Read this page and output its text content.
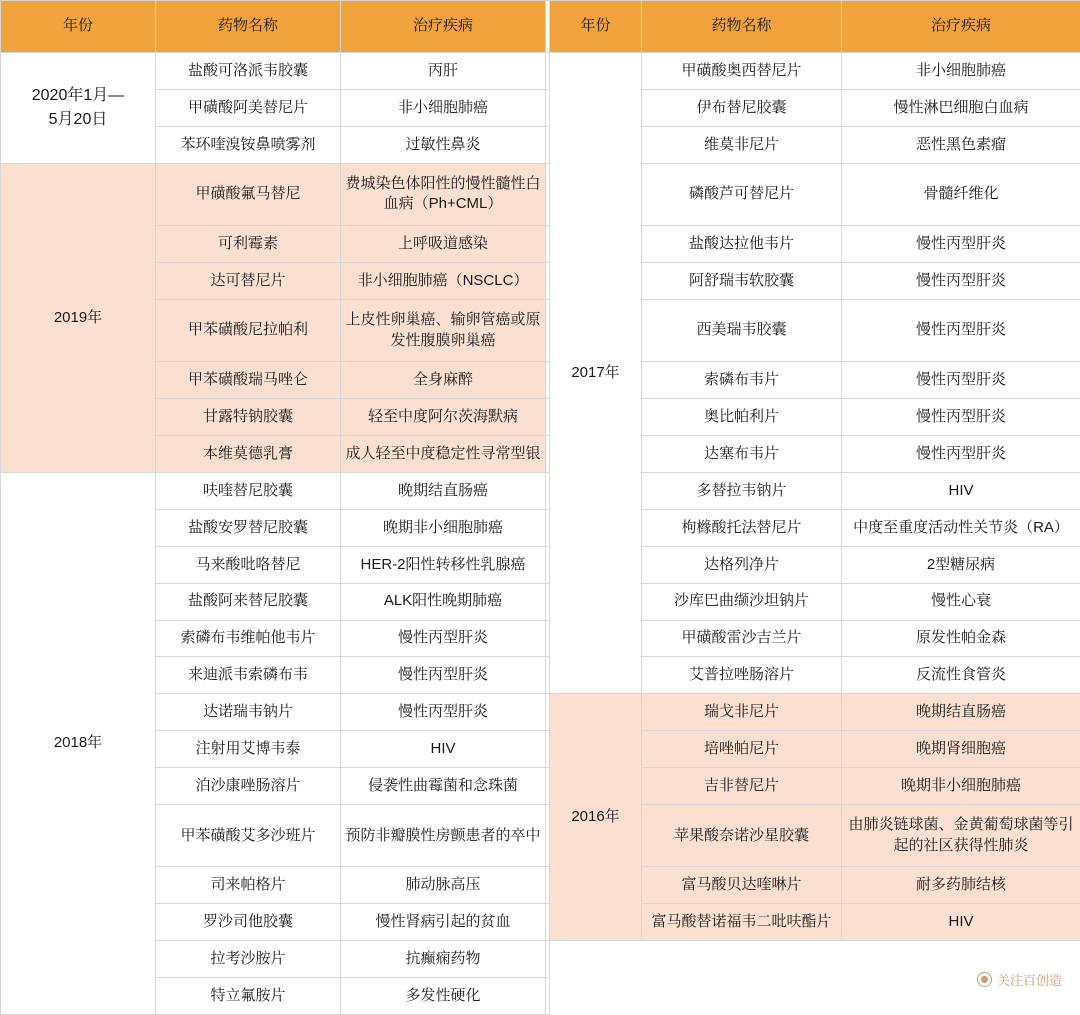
年份	药物名称	治疗疾病		年份	药物名称	治疗疾病

2020年1月—
5月20日	盐酸可洛派韦胶囊	丙肝		2017年	甲磺酸奥西替尼片	非小细胞肺癌
	甲磺酸阿美替尼片	非小细胞肺癌			伊布替尼胶囊	慢性淋巴细胞白血病
	苯环喹溴铵鼻喷雾剂	过敏性鼻炎			维莫非尼片	恶性黑色素瘤
2019年	甲磺酸氟马替尼	费城染色体阳性的慢性髓性白血病（Ph+CML）			磷酸芦可替尼片	骨髓纤维化
	可利霉素	上呼吸道感染			盐酸达拉他韦片	慢性丙型肝炎
	达可替尼片	非小细胞肺癌（NSCLC）			阿舒瑞韦软胶囊	慢性丙型肝炎
	甲苯磺酸尼拉帕利	上皮性卵巢癌、输卵管癌或原发性腹膜卵巢癌			西美瑞韦胶囊	慢性丙型肝炎
	甲苯磺酸瑞马唑仑	全身麻醉			索磷布韦片	慢性丙型肝炎
	甘露特钠胶囊	轻至中度阿尔茨海默病			奥比帕利片	慢性丙型肝炎
	本维莫德乳膏	成人轻至中度稳定性寻常型银			达塞布韦片	慢性丙型肝炎
2018年	呋喹替尼胶囊	晚期结直肠癌			多替拉韦钠片	HIV
	盐酸安罗替尼胶囊	晚期非小细胞肺癌			枸橼酸托法替尼片	中度至重度活动性关节炎（RA）
	马来酸吡咯替尼	HER-2阳性转移性乳腺癌			达格列净片	2型糖尿病
	盐酸阿来替尼胶囊	ALK阳性晚期肺癌			沙库巴曲缬沙坦钠片	慢性心衰
	索磷布韦维帕他韦片	慢性丙型肝炎			甲磺酸雷沙吉兰片	原发性帕金森
	来迪派韦索磷布韦	慢性丙型肝炎			艾普拉唑肠溶片	反流性食管炎
	达诺瑞韦钠片	慢性丙型肝炎		2016年	瑞戈非尼片	晚期结直肠癌
	注射用艾博韦泰	HIV			培唑帕尼片	晚期肾细胞癌
	泊沙康唑肠溶片	侵袭性曲霉菌和念珠菌			吉非替尼片	晚期非小细胞肺癌
	甲苯磺酸艾多沙班片	预防非瓣膜性房颤患者的卒中			苹果酸奈诺沙星胶囊	由肺炎链球菌、金黄葡萄球菌等引起的社区获得性肺炎
	司来帕格片	肺动脉高压			富马酸贝达喹啉片	耐多药肺结核
	罗沙司他胶囊	慢性肾病引起的贫血			富马酸替诺福韦二吡呋酯片	HIV
	拉考沙胺片	抗癫痫药物				
	特立氟胺片	多发性硬化				
关注百创造
